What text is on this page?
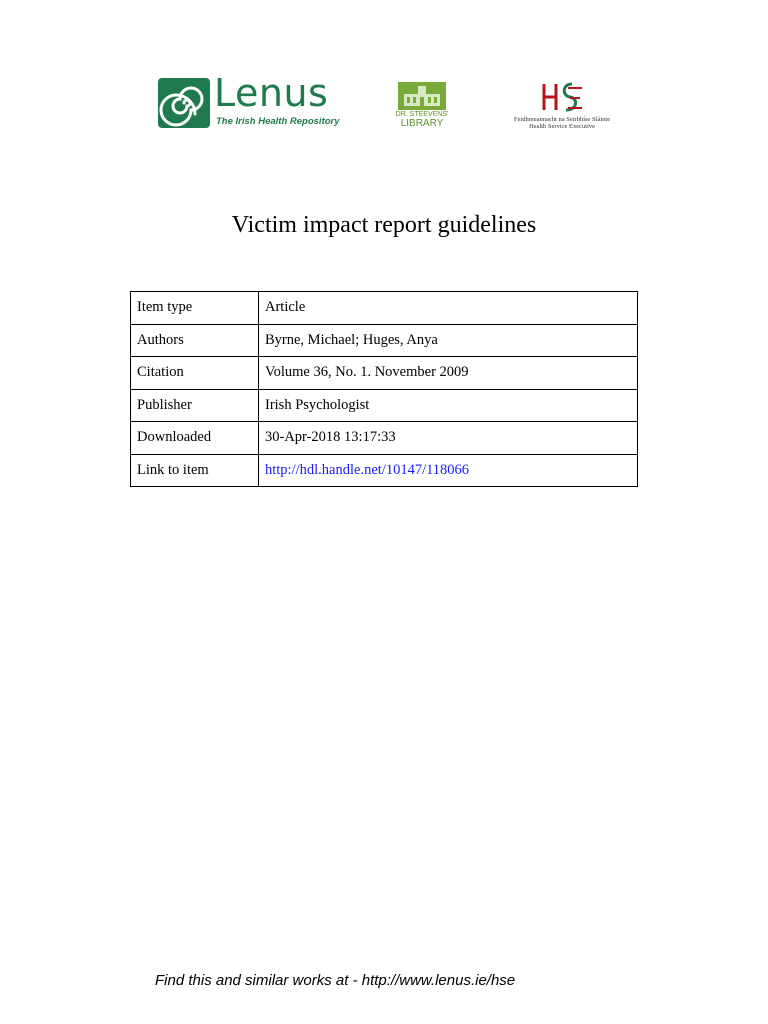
Lenus
The Irish Health Repository
DR. STEEVENS'
LIBRARY	Feidhmeannacht na Seirbhíse Sláinte
Health Service Executive
Victim impact report guidelines
Item type	Article
Authors	Byrne, Michael; Huges, Anya
Citation	Volume 36, No. 1. November 2009
Publisher	Irish Psychologist
Downloaded	30-Apr-2018 13:17:33
Link to item	http://hdl.handle.net/10147/118066
Find this and similar works at - http://www.lenus.ie/hse
